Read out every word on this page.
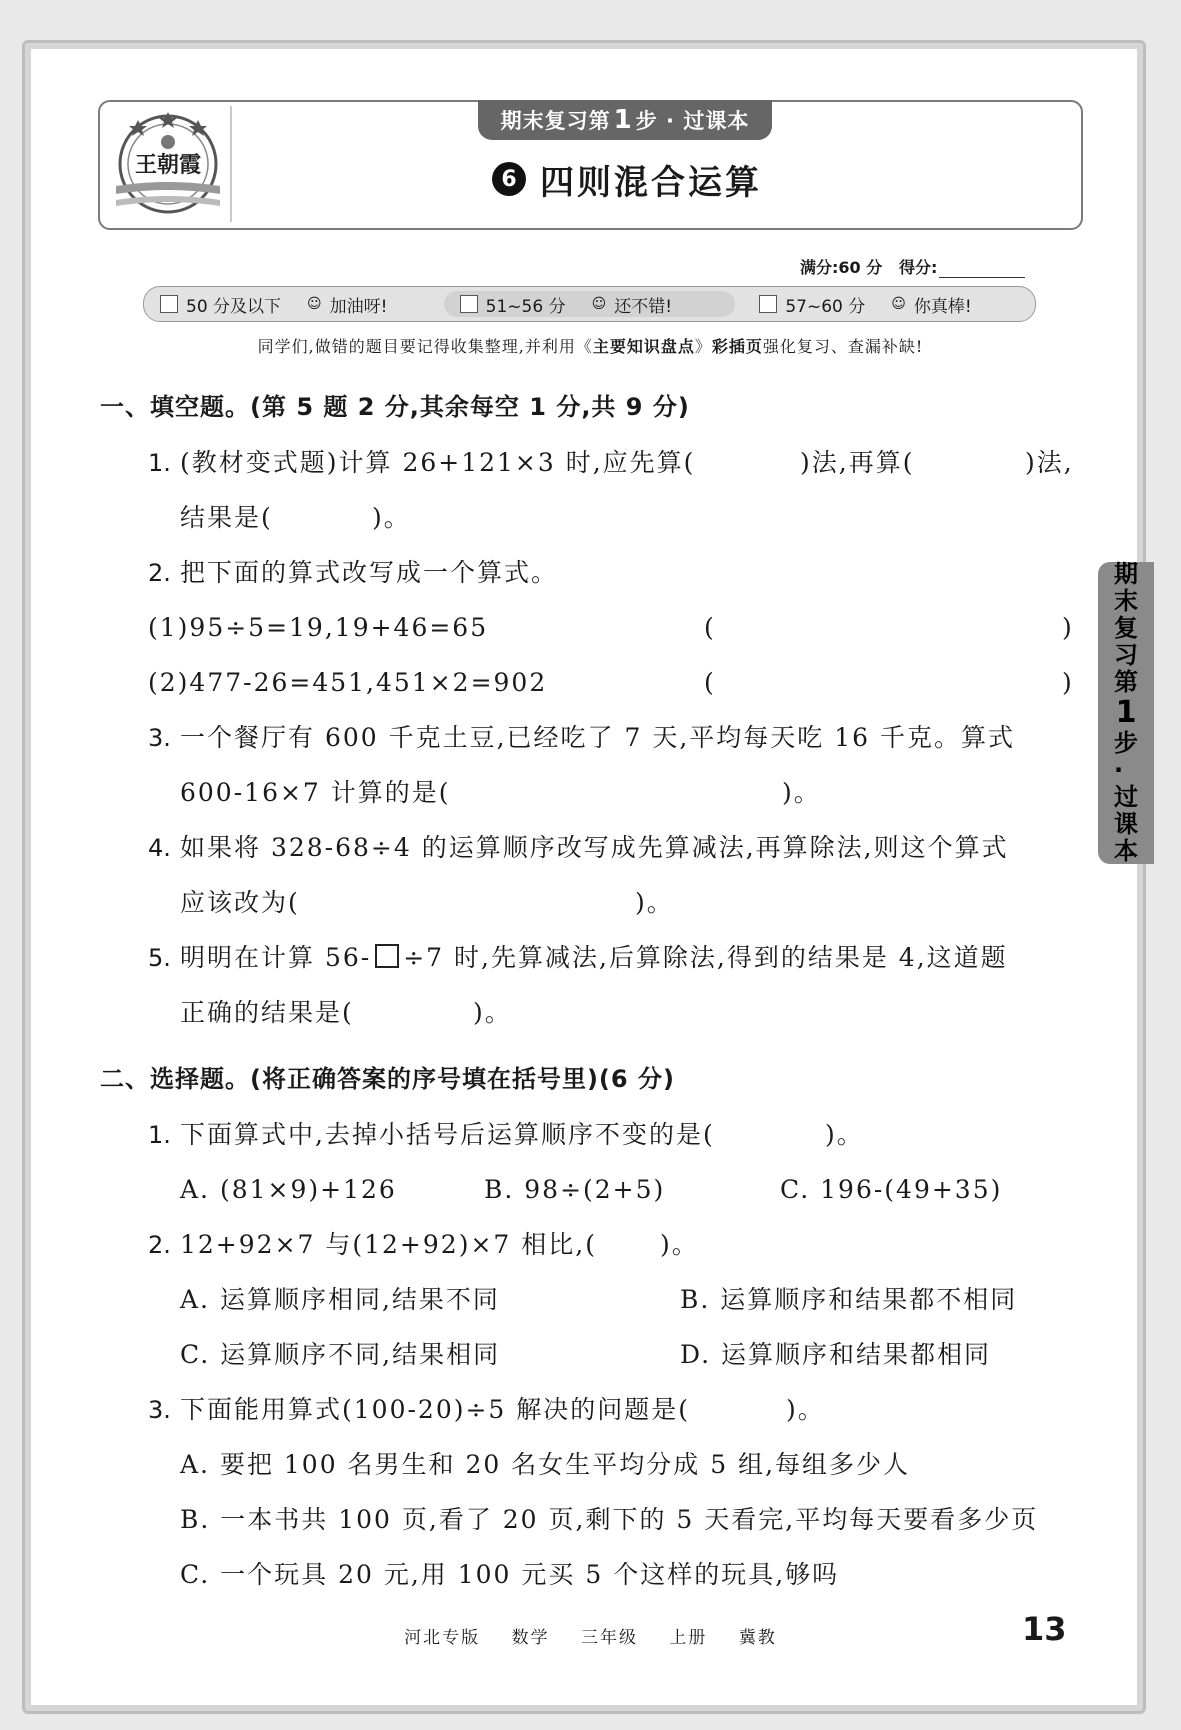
王朝霞
期末复习第 1 步 · 过课本
6 四则混合运算
满分:60 分 得分:
50 分及以下 ☺ 加油呀!	51~56 分 ☺ 还不错!	57~60 分 ☺ 你真棒!
同学们,做错的题目要记得收集整理,并利用《主要知识盘点》彩插页强化复习、查漏补缺!
一、填空题。(第 5 题 2 分,其余每空 1 分,共 9 分)
1. (教材变式题)计算 26+121×3 时,应先算(	)法,再算(	)法,
结果是(	)。
2. 把下面的算式改写成一个算式。
(1)95÷5=19,19+46=65	(	)
(2)477-26=451,451×2=902	(	)
3. 一个餐厅有 600 千克土豆,已经吃了 7 天,平均每天吃 16 千克。算式
600-16×7 计算的是(	)。
4. 如果将 328-68÷4 的运算顺序改写成先算减法,再算除法,则这个算式
应该改为(	)。
5. 明明在计算 56- ÷7 时,先算减法,后算除法,得到的结果是 4,这道题
正确的结果是(	)。
二、选择题。(将正确答案的序号填在括号里)(6 分)
1. 下面算式中,去掉小括号后运算顺序不变的是(	)。
A. (81×9)+126	B. 98÷(2+5)	C. 196-(49+35)
2. 12+92×7 与(12+92)×7 相比,(	)。
A. 运算顺序相同,结果不同	B. 运算顺序和结果都不相同
C. 运算顺序不同,结果相同	D. 运算顺序和结果都相同
3. 下面能用算式(100-20)÷5 解决的问题是(	)。
A. 要把 100 名男生和 20 名女生平均分成 5 组,每组多少人
B. 一本书共 100 页,看了 20 页,剩下的 5 天看完,平均每天要看多少页
C. 一个玩具 20 元,用 100 元买 5 个这样的玩具,够吗
期
末
复
习
第
1
步
·
过
课
本
河北专版 数学 三年级 上册 冀教	13
